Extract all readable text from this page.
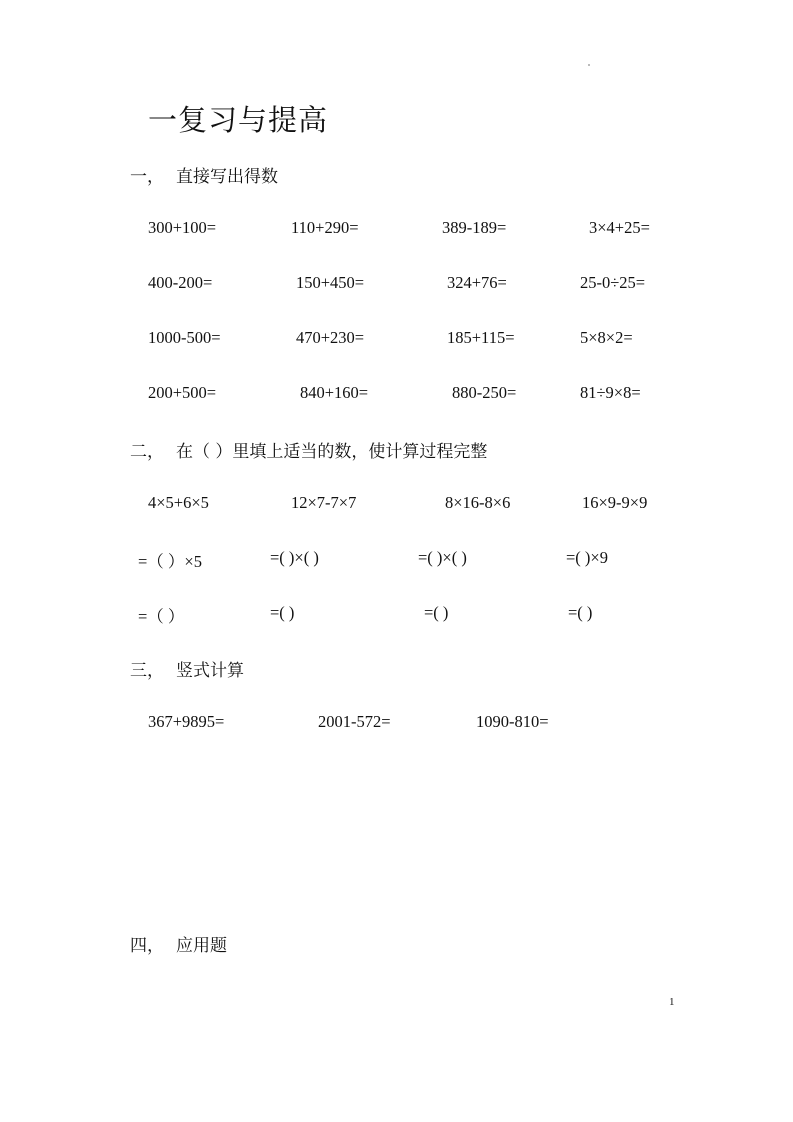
一复习与提高
一， 直接写出得数
300+100=	110+290=	389-189=	3×4+25=
400-200=	150+450=	324+76=	25-0÷25=
1000-500=	470+230=	185+115=	5×8×2=
200+500=	840+160=	880-250=	81÷9×8=
二， 在（ ）里填上适当的数，使计算过程完整
4×5+6×5	12×7-7×7	8×16-8×6	16×9-9×9
=（ ）×5	=( )×( )	=( )×( )	=( )×9
=（ ）	=( )	=( )	=( )
三， 竖式计算
367+9895=	2001-572=	1090-810=
四， 应用题
1
